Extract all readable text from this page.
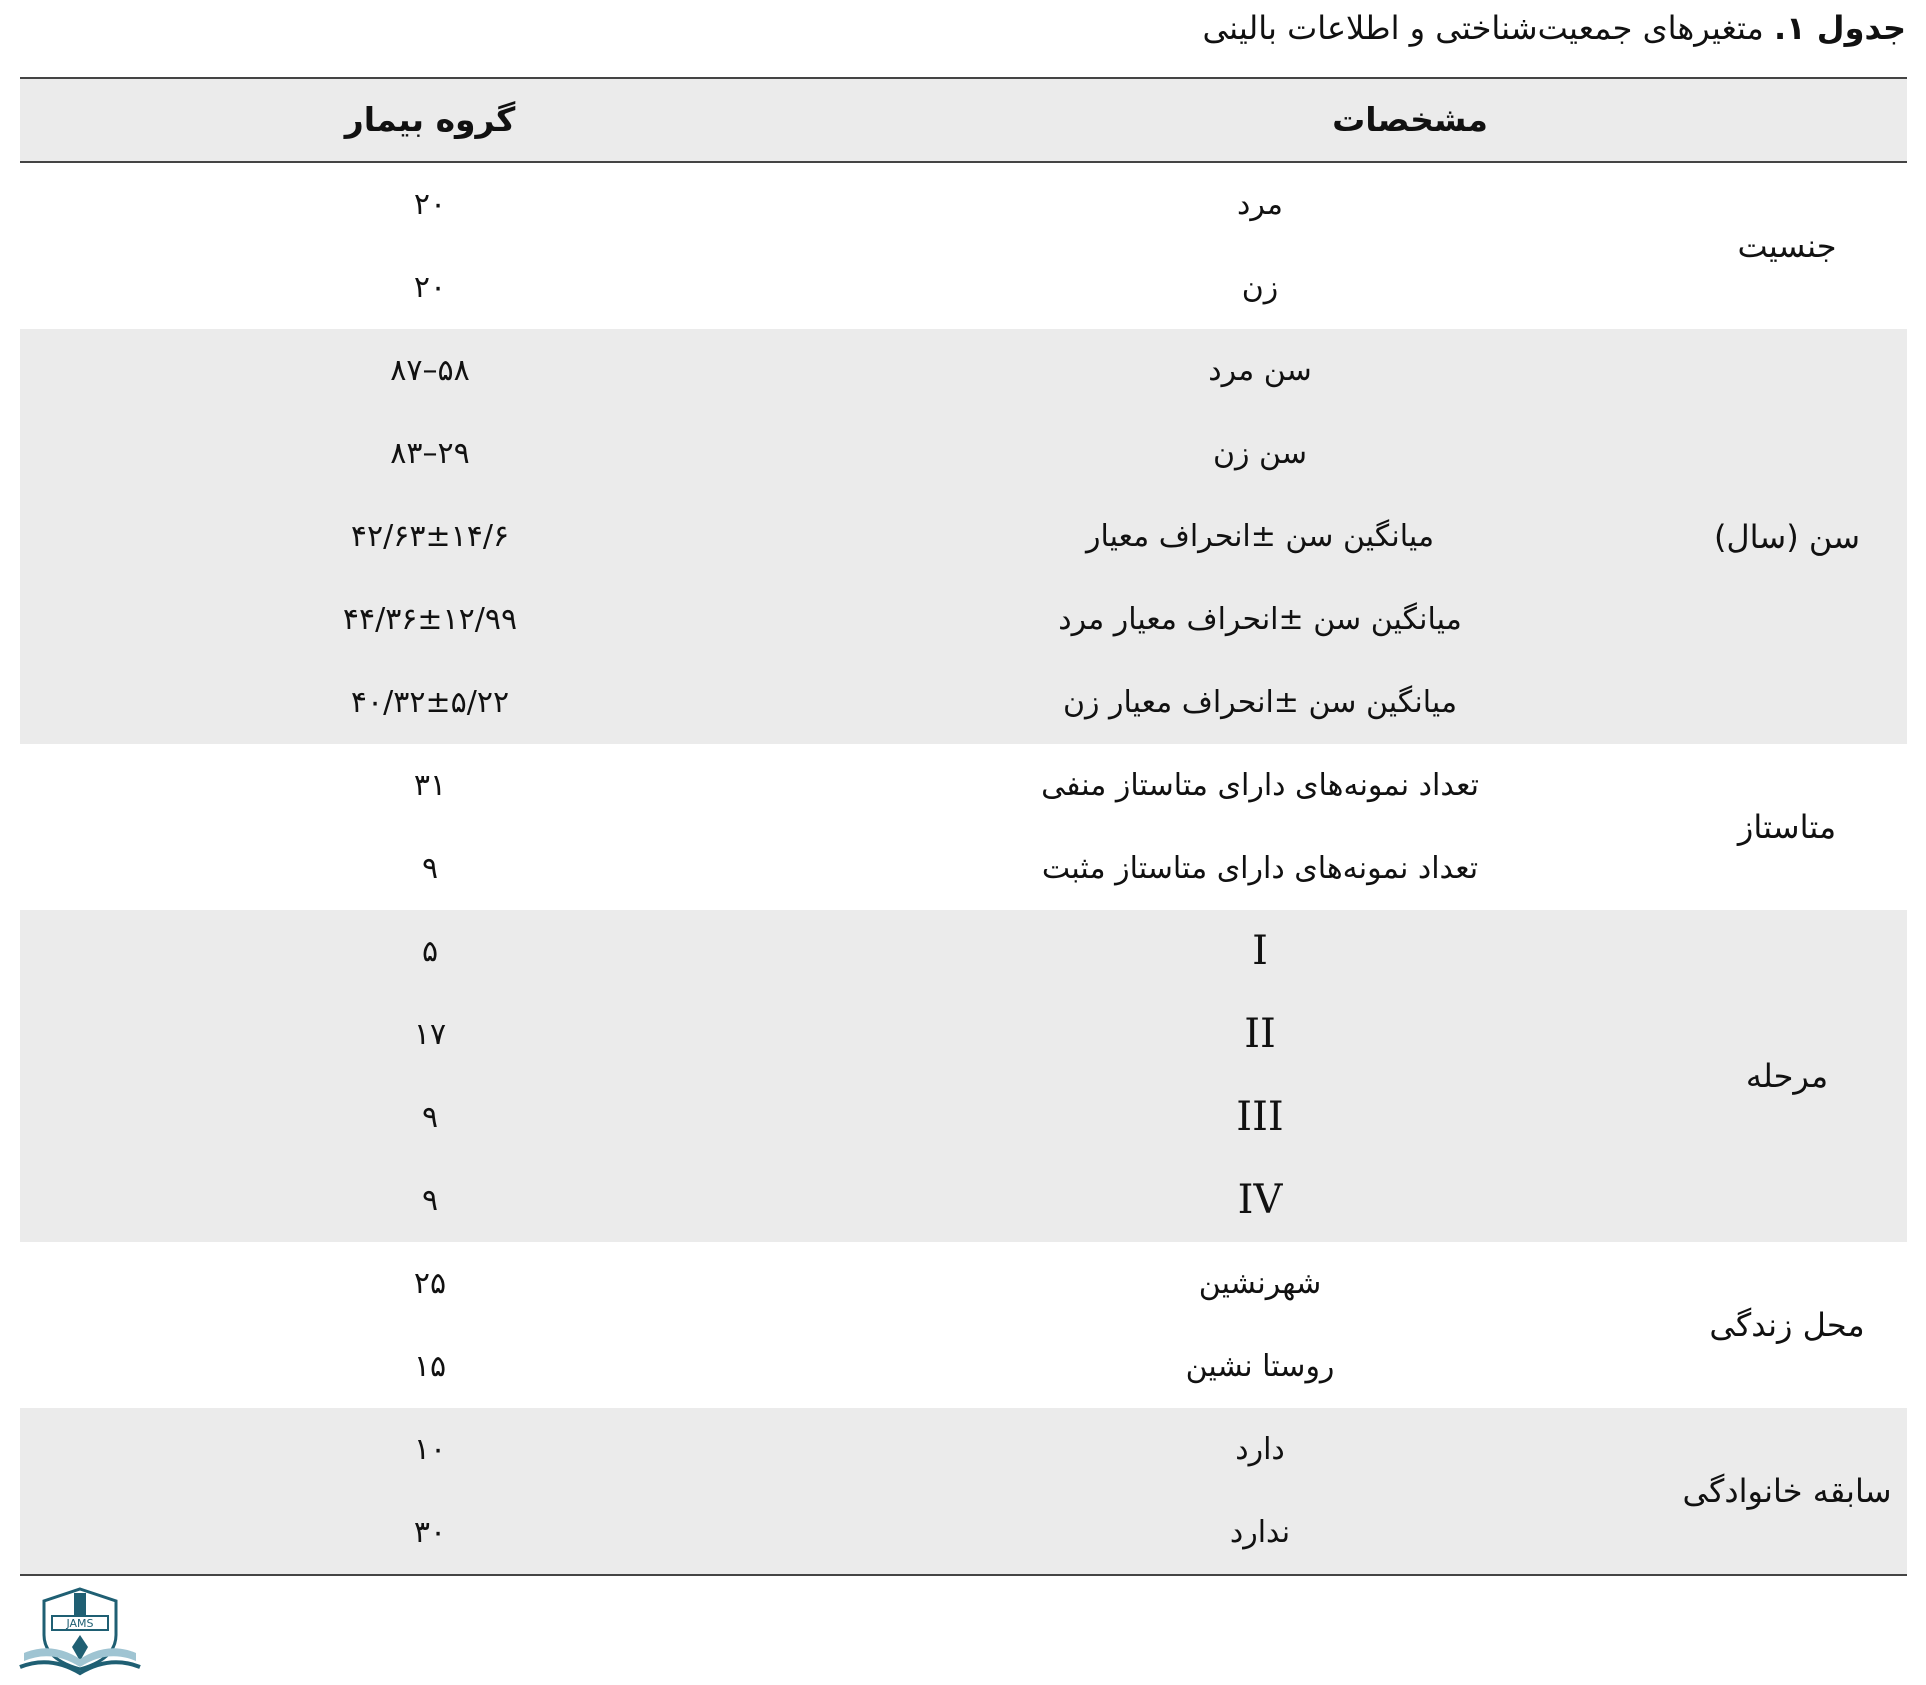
جدول ۱. متغیرهای جمعیت‌شناختی و اطلاعات بالینی
مشخصات
گروه بیمار
جنسیت
مرد
۲۰
زن
۲۰
سن (سال)
سن مرد
۵۸–۸۷
سن زن
۲۹–۸۳
میانگین سن ±انحراف معیار
۴۲/۶۳±۱۴/۶
میانگین سن ±انحراف معیار مرد
۴۴/۳۶±۱۲/۹۹
میانگین سن ±انحراف معیار زن
۴۰/۳۲±۵/۲۲
متاستاز
تعداد نمونه‌های دارای متاستاز منفی
۳۱
تعداد نمونه‌های دارای متاستاز مثبت
۹
مرحله
I
۵
II
۱۷
III
۹
IV
۹
محل زندگی
شهرنشین
۲۵
روستا نشین
۱۵
سابقه خانوادگی
دارد
۱۰
ندارد
۳۰
JAMS
